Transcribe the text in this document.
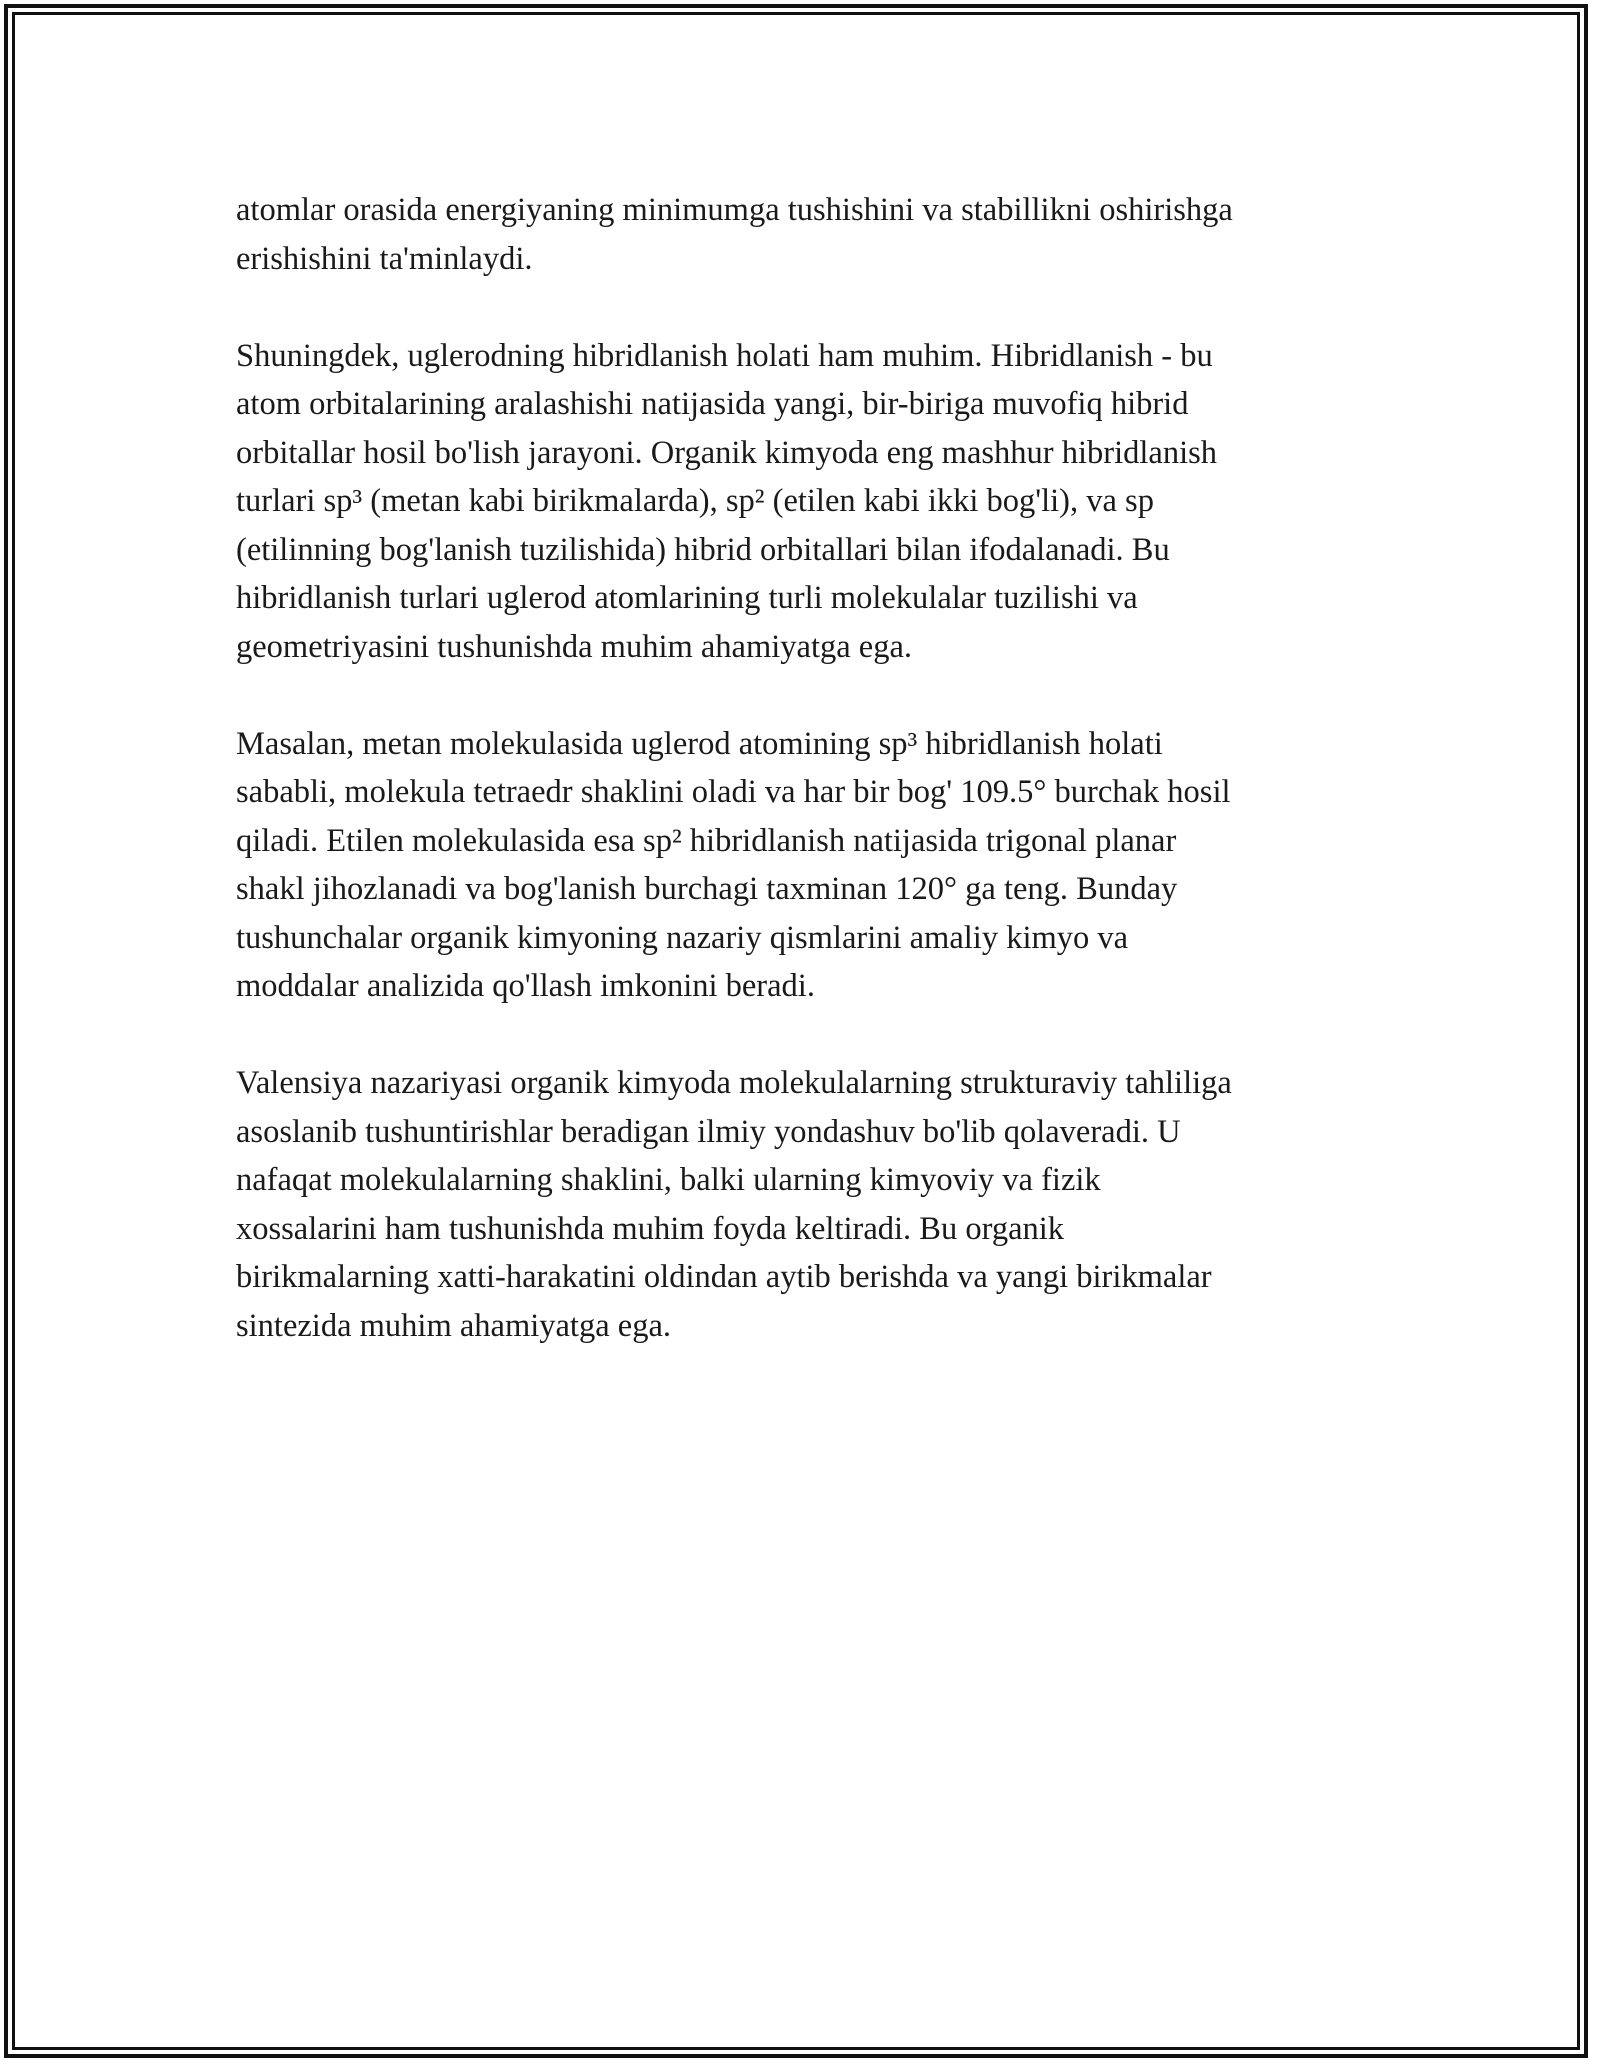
atomlar orasida energiyaning minimumga tushishini va stabillikni oshirishga
erishishini ta'minlaydi.

Shuningdek, uglerodning hibridlanish holati ham muhim. Hibridlanish - bu
atom orbitalarining aralashishi natijasida yangi, bir-biriga muvofiq hibrid
orbitallar hosil bo'lish jarayoni. Organik kimyoda eng mashhur hibridlanish
turlari sp³ (metan kabi birikmalarda), sp² (etilen kabi ikki bog'li), va sp
(etilinning bog'lanish tuzilishida) hibrid orbitallari bilan ifodalanadi. Bu
hibridlanish turlari uglerod atomlarining turli molekulalar tuzilishi va
geometriyasini tushunishda muhim ahamiyatga ega.

Masalan, metan molekulasida uglerod atomining sp³ hibridlanish holati
sababli, molekula tetraedr shaklini oladi va har bir bog' 109.5° burchak hosil
qiladi. Etilen molekulasida esa sp² hibridlanish natijasida trigonal planar
shakl jihozlanadi va bog'lanish burchagi taxminan 120° ga teng. Bunday
tushunchalar organik kimyoning nazariy qismlarini amaliy kimyo va
moddalar analizida qo'llash imkonini beradi.

Valensiya nazariyasi organik kimyoda molekulalarning strukturaviy tahliliga
asoslanib tushuntirishlar beradigan ilmiy yondashuv bo'lib qolaveradi. U
nafaqat molekulalarning shaklini, balki ularning kimyoviy va fizik
xossalarini ham tushunishda muhim foyda keltiradi. Bu organik
birikmalarning xatti-harakatini oldindan aytib berishda va yangi birikmalar
sintezida muhim ahamiyatga ega.
